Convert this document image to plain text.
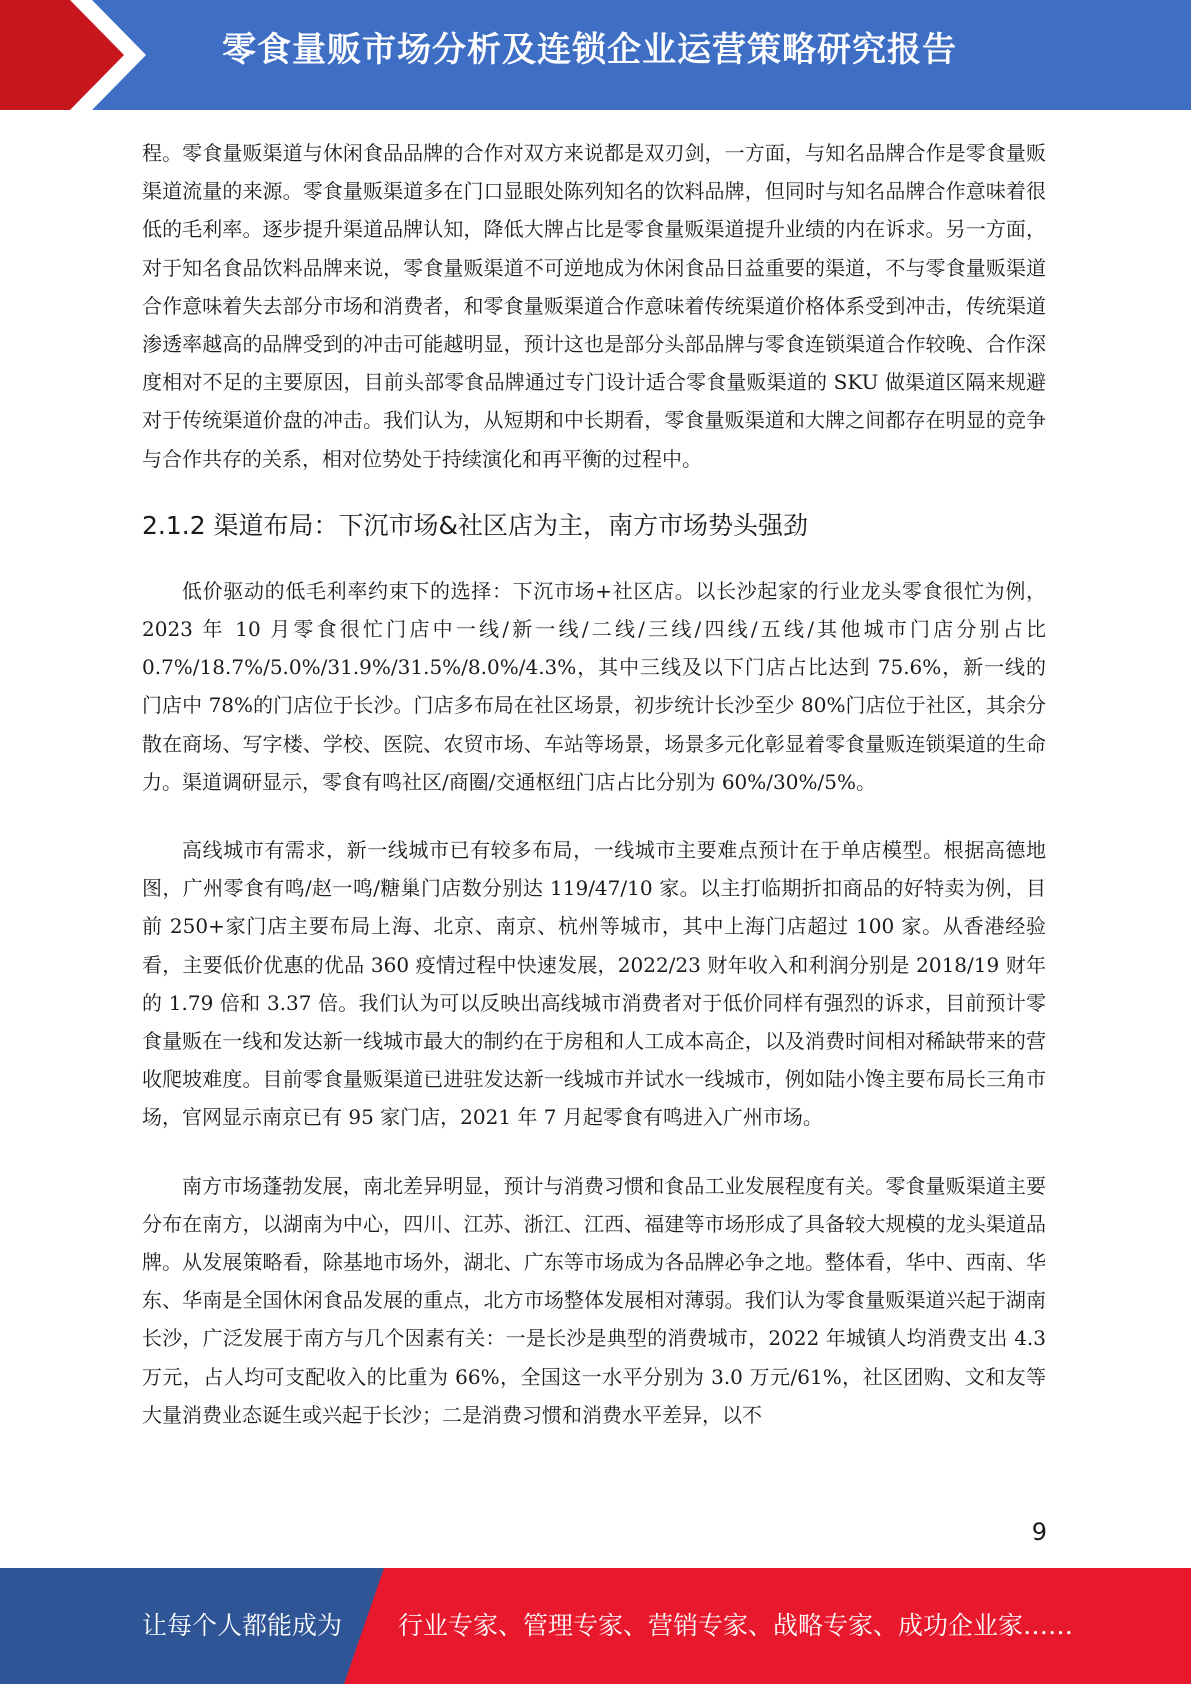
零食量贩市场分析及连锁企业运营策略研究报告

程。零食量贩渠道与休闲食品品牌的合作对双方来说都是双刃剑，一方面，与知名品牌合作是零食量贩渠道流量的来源。零食量贩渠道多在门口显眼处陈列知名的饮料品牌，但同时与知名品牌合作意味着很低的毛利率。逐步提升渠道品牌认知，降低大牌占比是零食量贩渠道提升业绩的内在诉求。另一方面，对于知名食品饮料品牌来说，零食量贩渠道不可逆地成为休闲食品日益重要的渠道，不与零食量贩渠道合作意味着失去部分市场和消费者，和零食量贩渠道合作意味着传统渠道价格体系受到冲击，传统渠道渗透率越高的品牌受到的冲击可能越明显，预计这也是部分头部品牌与零食连锁渠道合作较晚、合作深度相对不足的主要原因，目前头部零食品牌通过专门设计适合零食量贩渠道的 SKU 做渠道区隔来规避对于传统渠道价盘的冲击。我们认为，从短期和中长期看，零食量贩渠道和大牌之间都存在明显的竞争与合作共存的关系，相对位势处于持续演化和再平衡的过程中。

2.1.2 渠道布局：下沉市场&社区店为主，南方市场势头强劲

低价驱动的低毛利率约束下的选择：下沉市场+社区店。以长沙起家的行业龙头零食很忙为例，2023 年 10 月零食很忙门店中一线/新一线/二线/三线/四线/五线/其他城市门店分别占比 0.7%/18.7%/5.0%/31.9%/31.5%/8.0%/4.3%，其中三线及以下门店占比达到 75.6%，新一线的门店中 78%的门店位于长沙。门店多布局在社区场景，初步统计长沙至少 80%门店位于社区，其余分散在商场、写字楼、学校、医院、农贸市场、车站等场景，场景多元化彰显着零食量贩连锁渠道的生命力。渠道调研显示，零食有鸣社区/商圈/交通枢纽门店占比分别为 60%/30%/5%。

高线城市有需求，新一线城市已有较多布局，一线城市主要难点预计在于单店模型。根据高德地图，广州零食有鸣/赵一鸣/糖巢门店数分别达 119/47/10 家。以主打临期折扣商品的好特卖为例，目前 250+家门店主要布局上海、北京、南京、杭州等城市，其中上海门店超过 100 家。从香港经验看，主要低价优惠的优品 360 疫情过程中快速发展，2022/23 财年收入和利润分别是 2018/19 财年的 1.79 倍和 3.37 倍。我们认为可以反映出高线城市消费者对于低价同样有强烈的诉求，目前预计零食量贩在一线和发达新一线城市最大的制约在于房租和人工成本高企，以及消费时间相对稀缺带来的营收爬坡难度。目前零食量贩渠道已进驻发达新一线城市并试水一线城市，例如陆小馋主要布局长三角市场，官网显示南京已有 95 家门店，2021 年 7 月起零食有鸣进入广州市场。

南方市场蓬勃发展，南北差异明显，预计与消费习惯和食品工业发展程度有关。零食量贩渠道主要分布在南方，以湖南为中心，四川、江苏、浙江、江西、福建等市场形成了具备较大规模的龙头渠道品牌。从发展策略看，除基地市场外，湖北、广东等市场成为各品牌必争之地。整体看，华中、西南、华东、华南是全国休闲食品发展的重点，北方市场整体发展相对薄弱。我们认为零食量贩渠道兴起于湖南长沙，广泛发展于南方与几个因素有关：一是长沙是典型的消费城市，2022 年城镇人均消费支出 4.3 万元，占人均可支配收入的比重为 66%，全国这一水平分别为 3.0 万元/61%，社区团购、文和友等大量消费业态诞生或兴起于长沙；二是消费习惯和消费水平差异，以不

9
让每个人都能成为 行业专家、管理专家、营销专家、战略专家、成功企业家……
